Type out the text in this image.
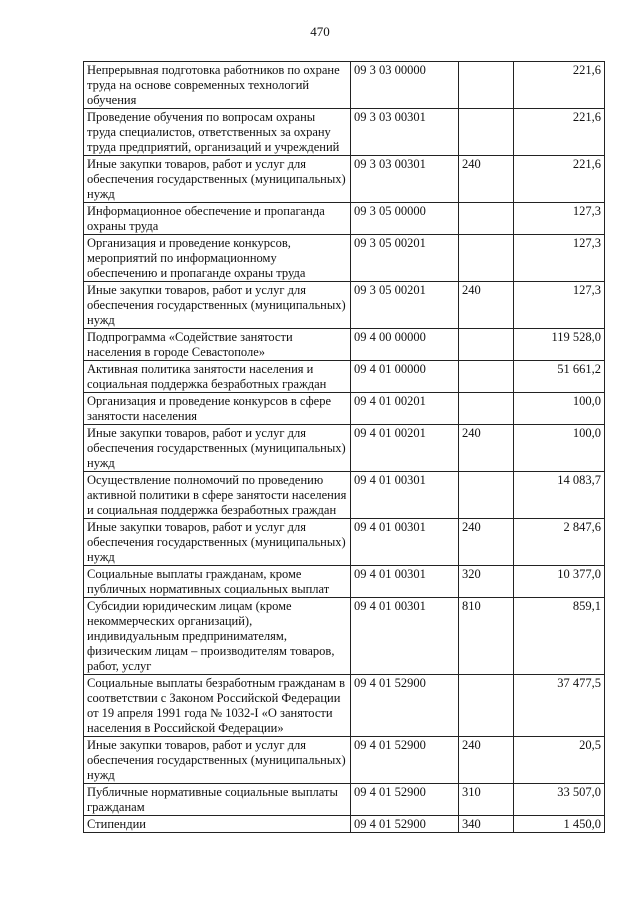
470
Непрерывная подготовка работников по охране труда на основе современных технологий обучения	09 3 03 00000		221,6
Проведение обучения по вопросам охраны труда специалистов, ответственных за охрану труда предприятий, организаций и учреждений	09 3 03 00301		221,6
Иные закупки товаров, работ и услуг для обеспечения государственных (муниципальных) нужд	09 3 03 00301	240	221,6
Информационное обеспечение и пропаганда охраны труда	09 3 05 00000		127,3
Организация и проведение конкурсов, мероприятий по информационному обеспечению и пропаганде охраны труда	09 3 05 00201		127,3
Иные закупки товаров, работ и услуг для обеспечения государственных (муниципальных) нужд	09 3 05 00201	240	127,3
Подпрограмма «Содействие занятости населения в городе Севастополе»	09 4 00 00000		119 528,0
Активная политика занятости населения и социальная поддержка безработных граждан	09 4 01 00000		51 661,2
Организация и проведение конкурсов в сфере занятости населения	09 4 01 00201		100,0
Иные закупки товаров, работ и услуг для обеспечения государственных (муниципальных) нужд	09 4 01 00201	240	100,0
Осуществление полномочий по проведению активной политики в сфере занятости населения и социальная поддержка безработных граждан	09 4 01 00301		14 083,7
Иные закупки товаров, работ и услуг для обеспечения государственных (муниципальных) нужд	09 4 01 00301	240	2 847,6
Социальные выплаты гражданам, кроме публичных нормативных социальных выплат	09 4 01 00301	320	10 377,0
Субсидии юридическим лицам (кроме некоммерческих организаций), индивидуальным предпринимателям, физическим лицам – производителям товаров, работ, услуг	09 4 01 00301	810	859,1
Социальные выплаты безработным гражданам в соответствии с Законом Российской Федерации от 19 апреля 1991 года № 1032-I «О занятости населения в Российской Федерации»	09 4 01 52900		37 477,5
Иные закупки товаров, работ и услуг для обеспечения государственных (муниципальных) нужд	09 4 01 52900	240	20,5
Публичные нормативные социальные выплаты гражданам	09 4 01 52900	310	33 507,0
Стипендии	09 4 01 52900	340	1 450,0
